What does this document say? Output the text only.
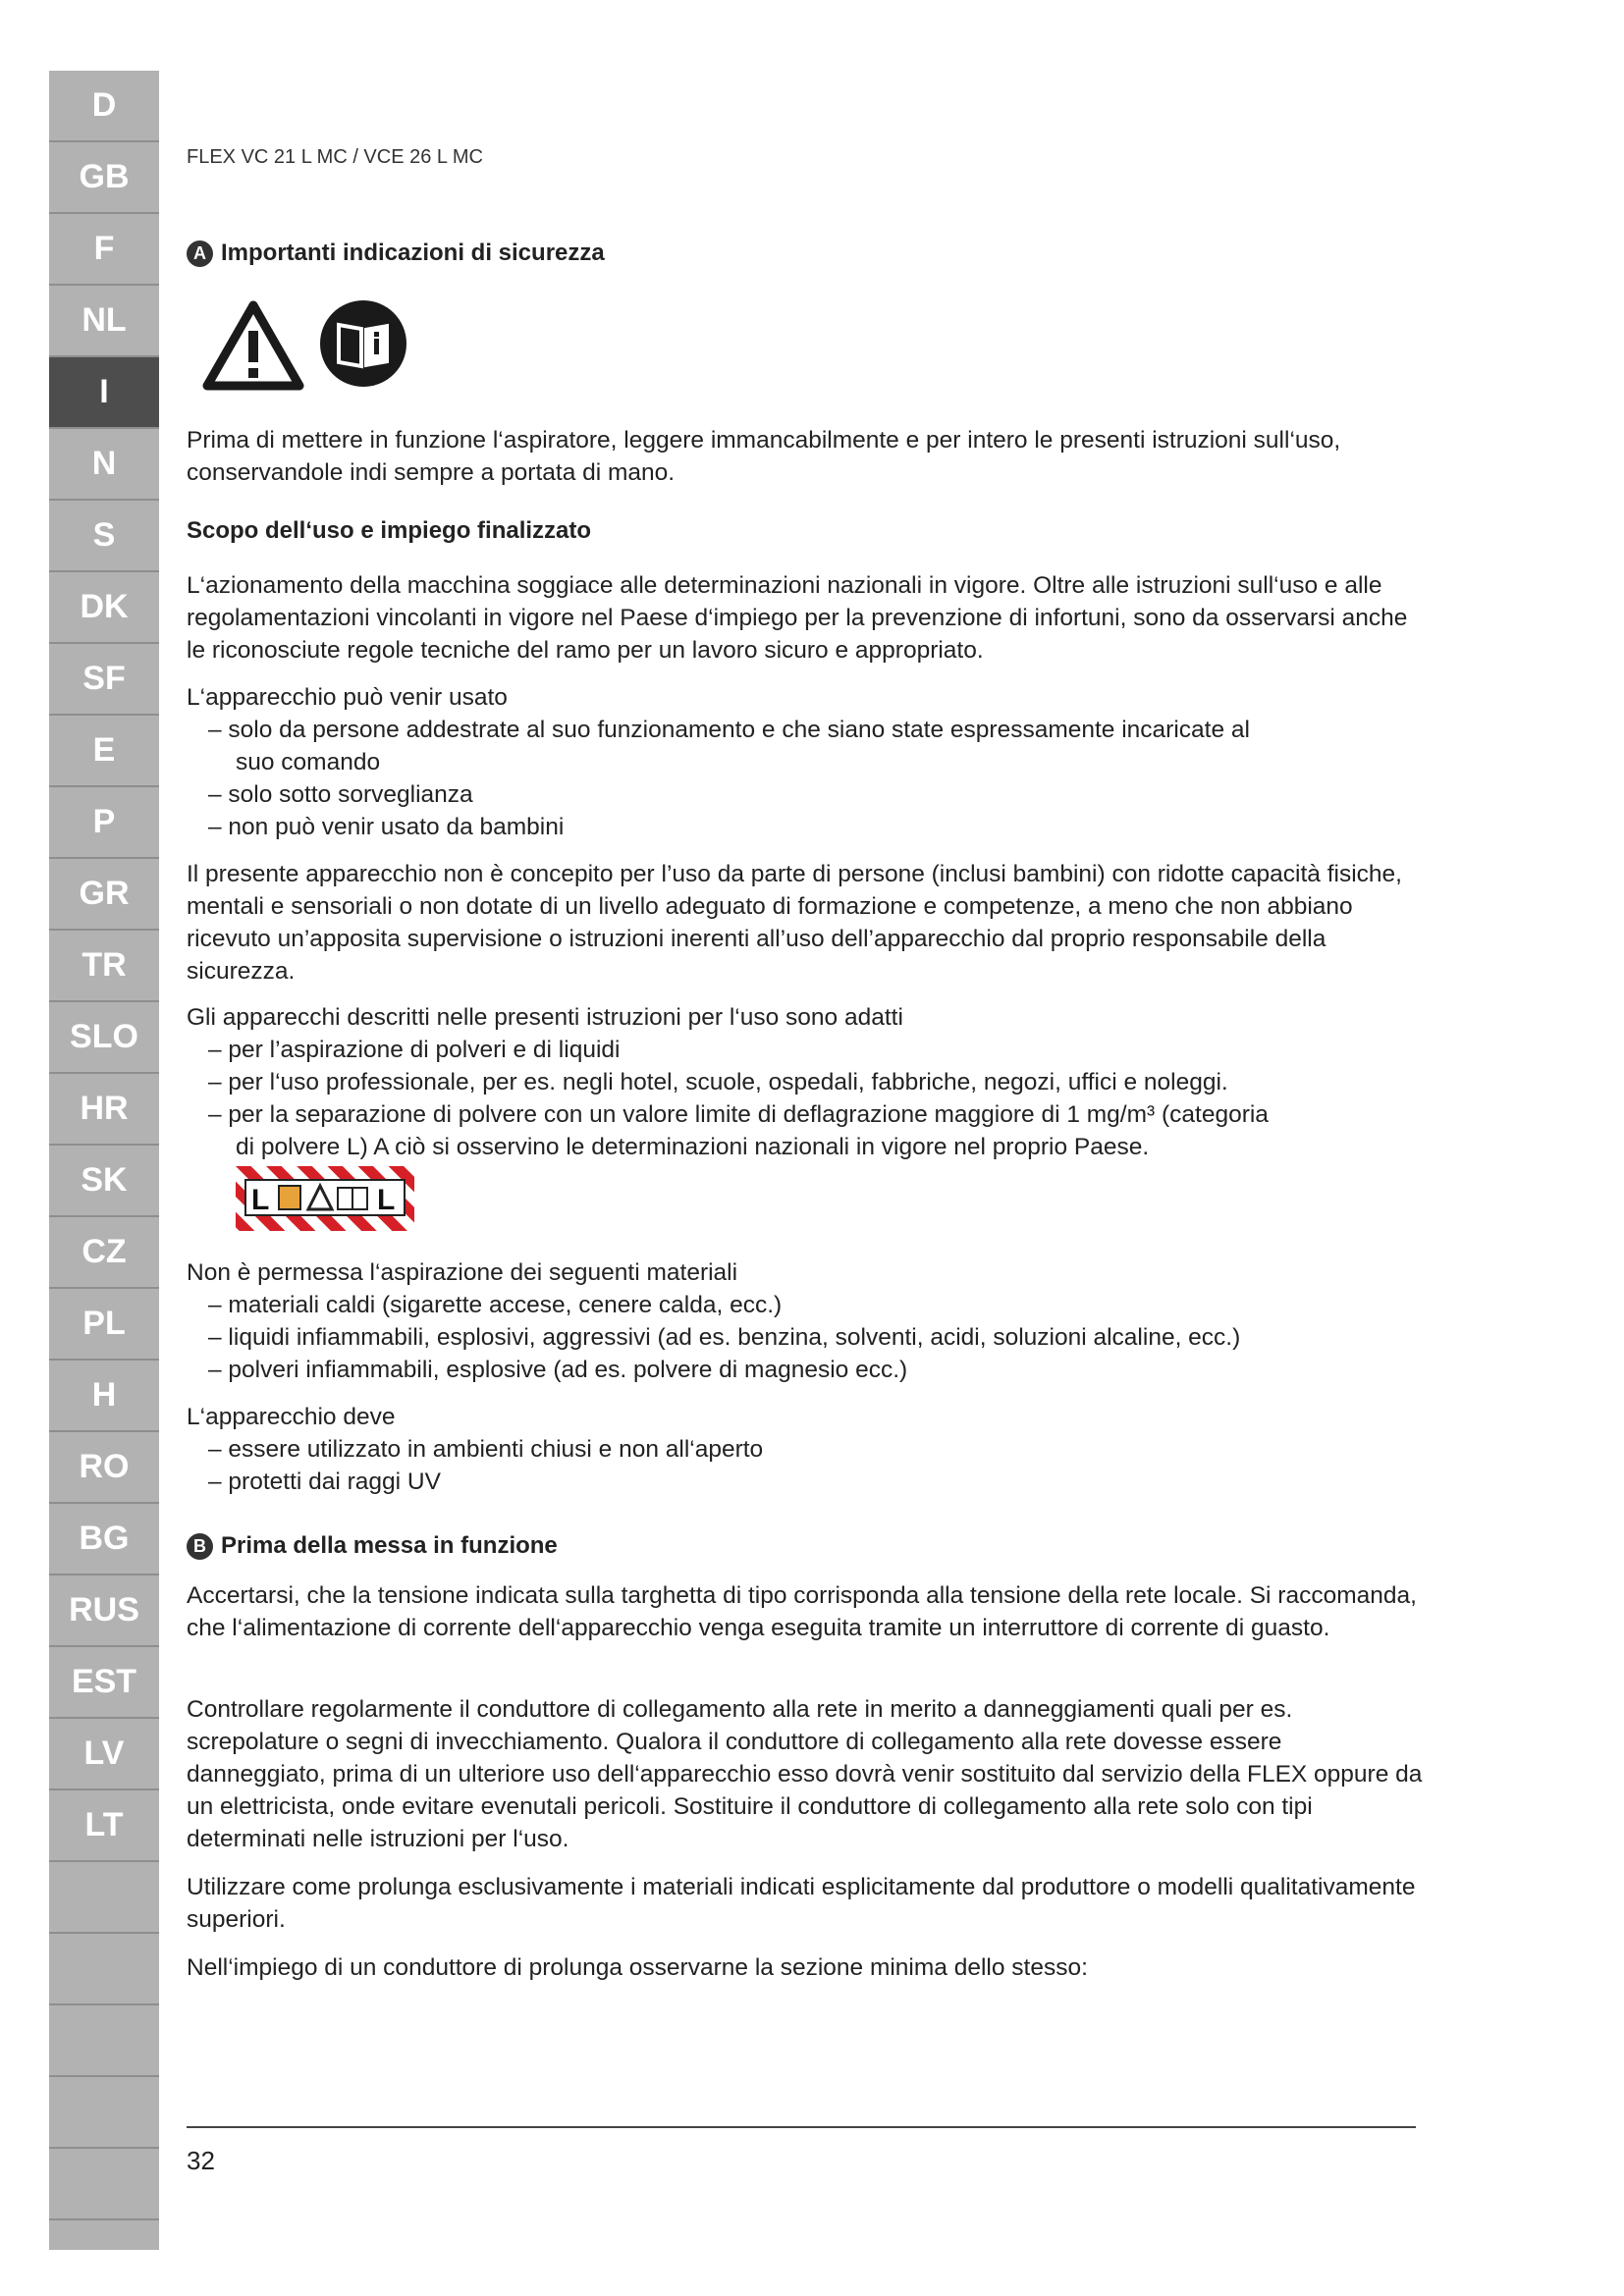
D
GB
F
NL
I
N
S
DK
SF
E
P
GR
TR
SLO
HR
SK
CZ
PL
H
RO
BG
RUS
EST
LV
LT
FLEX VC 21 L MC / VCE 26 L MC
A Importanti indicazioni di sicurezza

Prima di mettere in funzione l‘aspiratore, leggere immancabilmente e per intero le presenti istruzioni sull‘uso, conservandole indi sempre a portata di mano.

Scopo dell‘uso e impiego finalizzato

L‘azionamento della macchina soggiace alle determinazioni nazionali in vigore. Oltre alle istruzioni sull‘uso e alle regolamentazioni vincolanti in vigore nel Paese d‘impiego per la prevenzione di infortuni, sono da osservarsi anche le riconosciute regole tecniche del ramo per un lavoro sicuro e appropriato.

L‘apparecchio può venir usato

– solo da persone addestrate al suo funzionamento e che siano state espressamente incaricate al
suo comando
– solo sotto sorveglianza
– non può venir usato da bambini

Il presente apparecchio non è concepito per l’uso da parte di persone (inclusi bambini) con ridotte capacità fisiche, mentali e sensoriali o non dotate di un livello adeguato di formazione e competenze, a meno che non abbiano ricevuto un’apposita supervisione o istruzioni inerenti all’uso dell’apparecchio dal proprio responsabile della sicurezza.

Gli apparecchi descritti nelle presenti istruzioni per l‘uso sono adatti

– per l’aspirazione di polveri e di liquidi
– per l‘uso professionale, per es. negli hotel, scuole, ospedali, fabbriche, negozi, uffici e noleggi.
– per la separazione di polvere con un valore limite di deflagrazione maggiore di 1 mg/m³ (categoria
di polvere L) A ciò si osservino le determinazioni nazionali in vigore nel proprio Paese.
L	L

Non è permessa l‘aspirazione dei seguenti materiali

– materiali caldi (sigarette accese, cenere calda, ecc.)
– liquidi infiammabili, esplosivi, aggressivi (ad es. benzina, solventi, acidi, soluzioni alcaline, ecc.)
– polveri infiammabili, esplosive (ad es. polvere di magnesio ecc.)

L‘apparecchio deve

– essere utilizzato in ambienti chiusi e non all‘aperto
– protetti dai raggi UV
B Prima della messa in funzione

Accertarsi, che la tensione indicata sulla targhetta di tipo corrisponda alla tensione della rete locale. Si raccomanda, che l‘alimentazione di corrente dell‘apparecchio venga eseguita tramite un interruttore di corrente di guasto.

Controllare regolarmente il conduttore di collegamento alla rete in merito a danneggiamenti quali per es. screpolature o segni di invecchiamento. Qualora il conduttore di collegamento alla rete dovesse essere danneggiato, prima di un ulteriore uso dell‘apparecchio esso dovrà venir sostituito dal servizio della FLEX oppure da un elettricista, onde evitare evenutali pericoli. Sostituire il conduttore di collegamento alla rete solo con tipi determinati nelle istruzioni per l‘uso.

Utilizzare come prolunga esclusivamente i materiali indicati esplicitamente dal produttore o modelli qualitativamente superiori.

Nell‘impiego di un conduttore di prolunga osservarne la sezione minima dello stesso:

32
